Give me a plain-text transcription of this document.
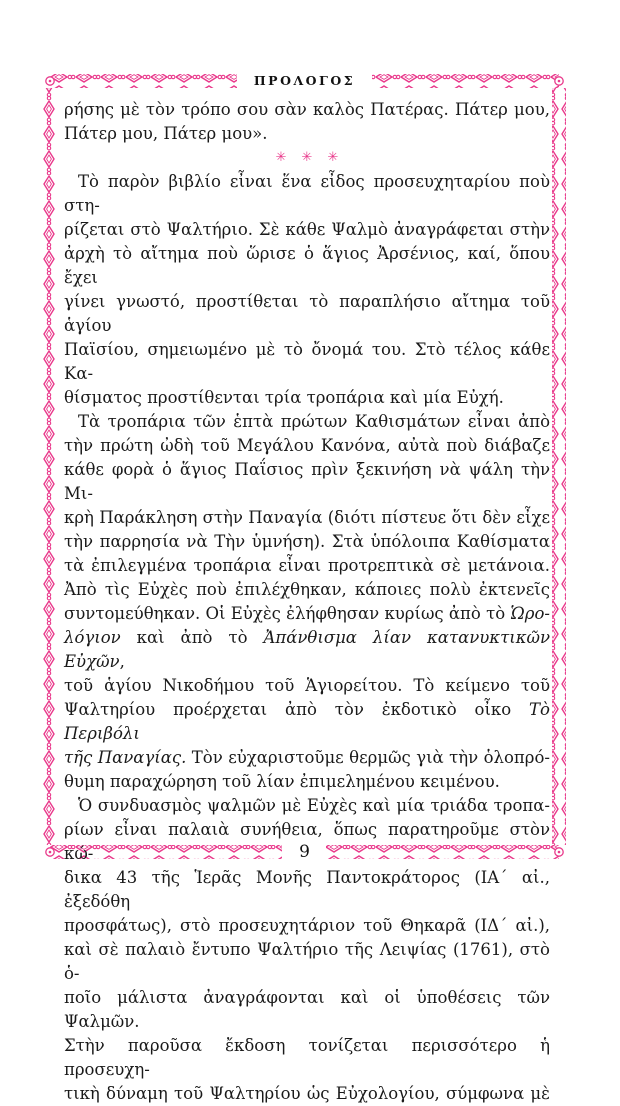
ΠΡΟΛΟΓΟΣ
ρήσης μὲ τὸν τρόπο σου σὰν καλὸς Πατέρας. Πάτερ μου,
Πάτερ μου, Πάτερ μου».
✳ ✳ ✳
Τὸ παρὸν βιβλίο εἶναι ἕνα εἶδος προσευχηταρίου ποὺ στη-
ρίζεται στὸ Ψαλτήριο. Σὲ κάθε Ψαλμὸ ἀναγράφεται στὴν
ἀρχὴ τὸ αἴτημα ποὺ ὥρισε ὁ ἅγιος Ἀρσένιος, καί, ὅπου ἔχει
γίνει γνωστό, προστίθεται τὸ παραπλήσιο αἴτημα τοῦ ἁγίου
Παϊσίου, σημειωμένο μὲ τὸ ὄνομά του. Στὸ τέλος κάθε Κα-
θίσματος προστίθενται τρία τροπάρια καὶ μία Εὐχή.
Τὰ τροπάρια τῶν ἑπτὰ πρώτων Καθισμάτων εἶναι ἀπὸ
τὴν πρώτη ὠδὴ τοῦ Μεγάλου Κανόνα, αὐτὰ ποὺ διάβαζε
κάθε φορὰ ὁ ἅγιος Παΐσιος πρὶν ξεκινήση νὰ ψάλη τὴν Μι-
κρὴ Παράκληση στὴν Παναγία (διότι πίστευε ὅτι δὲν εἶχε
τὴν παρρησία νὰ Τὴν ὑμνήση). Στὰ ὑπόλοιπα Καθίσματα
τὰ ἐπιλεγμένα τροπάρια εἶναι προτρεπτικὰ σὲ μετάνοια.
Ἀπὸ τὶς Εὐχὲς ποὺ ἐπιλέχθηκαν, κάποιες πολὺ ἐκτενεῖς
συντομεύθηκαν. Οἱ Εὐχὲς ἐλήφθησαν κυρίως ἀπὸ τὸ Ὡρο-
λόγιον καὶ ἀπὸ τὸ Ἀπάνθισμα λίαν κατανυκτικῶν Εὐχῶν,
τοῦ ἁγίου Νικοδήμου τοῦ Ἁγιορείτου. Τὸ κείμενο τοῦ
Ψαλτηρίου προέρχεται ἀπὸ τὸν ἐκδοτικὸ οἶκο Τὸ Περιβόλι
τῆς Παναγίας. Τὸν εὐχαριστοῦμε θερμῶς γιὰ τὴν ὁλοπρό-
θυμη παραχώρηση τοῦ λίαν ἐπιμελημένου κειμένου.
Ὁ συνδυασμὸς ψαλμῶν μὲ Εὐχὲς καὶ μία τριάδα τροπα-
ρίων εἶναι παλαιὰ συνήθεια, ὅπως παρατηροῦμε στὸν κώ-
δικα 43 τῆς Ἱερᾶς Μονῆς Παντοκράτορος (ΙΑ΄ αἰ., ἐξεδόθη
προσφάτως), στὸ προσευχητάριον τοῦ Θηκαρᾶ (ΙΔ΄ αἰ.),
καὶ σὲ παλαιὸ ἔντυπο Ψαλτήριο τῆς Λειψίας (1761), στὸ ὁ-
ποῖο μάλιστα ἀναγράφονται καὶ οἱ ὑποθέσεις τῶν Ψαλμῶν.
Στὴν παροῦσα ἔκδοση τονίζεται περισσότερο ἡ προσευχη-
τικὴ δύναμη τοῦ Ψαλτηρίου ὡς Εὐχολογίου, σύμφωνα μὲ
9
